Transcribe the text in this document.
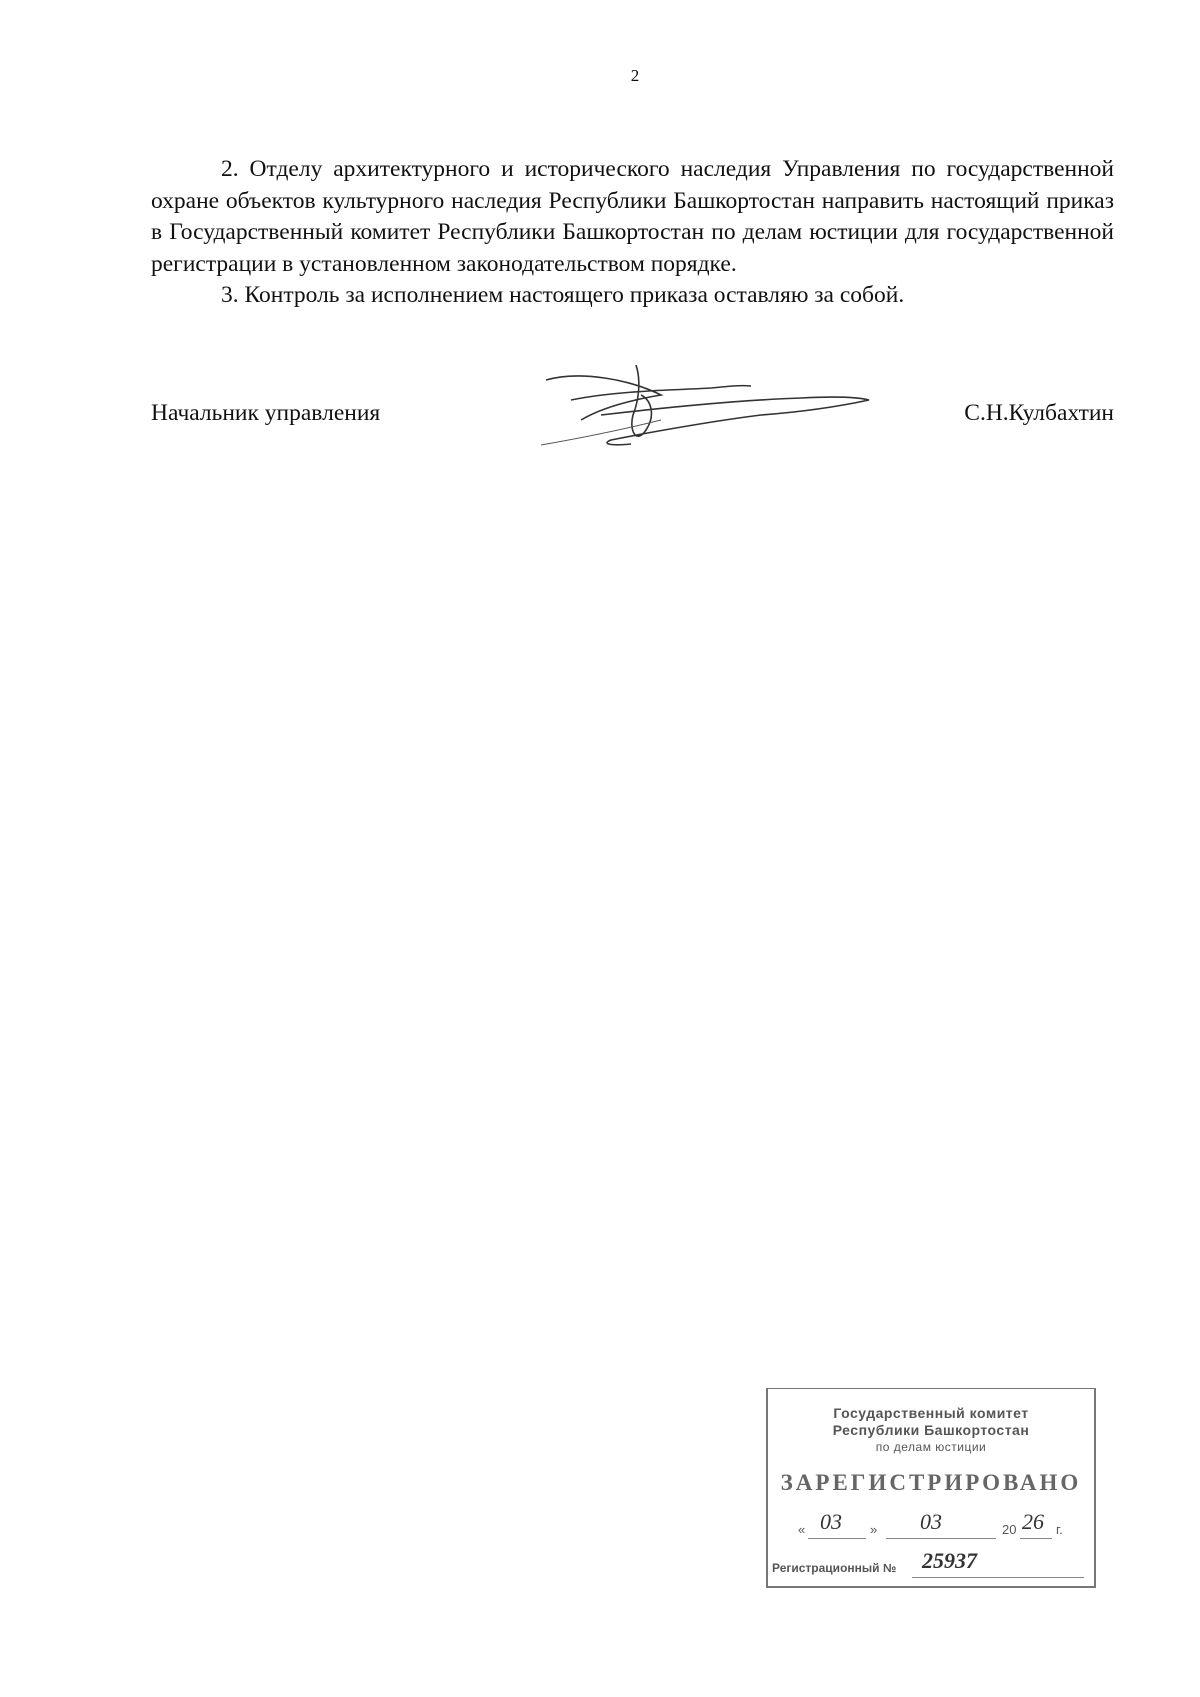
2

2. Отделу архитектурного и исторического наследия Управления по государственной охране объектов культурного наследия Республики Башкортостан направить настоящий приказ в Государственный комитет Республики Башкортостан по делам юстиции для государственной регистрации в установленном законодательством порядке.

3. Контроль за исполнением настоящего приказа оставляю за собой.

Начальник управления	С.Н.Кулбахтин
Государственный комитет
Республики Башкортостан
по делам юстиции
ЗАРЕГИСТРИРОВАНО
« 03 » 03	20 26 г.
Регистрационный № 25937
